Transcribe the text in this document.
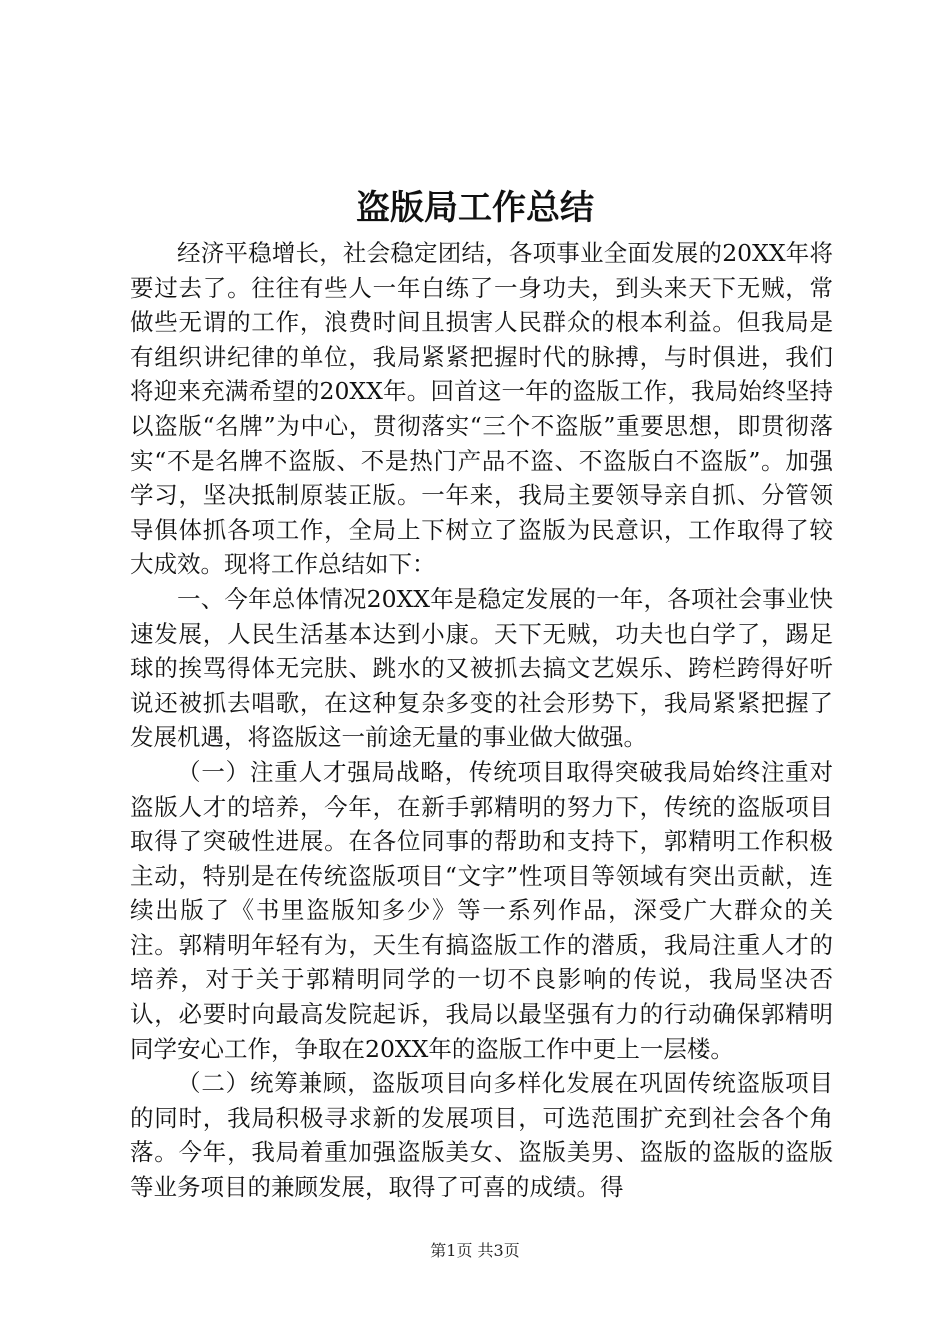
盗版局工作总结

经济平稳增长，社会稳定团结，各项事业全面发展的20XX年将要过去了。往往有些人一年白练了一身功夫，到头来天下无贼，常做些无谓的工作，浪费时间且损害人民群众的根本利益。但我局是有组织讲纪律的单位，我局紧紧把握时代的脉搏，与时俱进，我们将迎来充满希望的20XX年。回首这一年的盗版工作，我局始终坚持以盗版“名牌”为中心，贯彻落实“三个不盗版”重要思想，即贯彻落实“不是名牌不盗版、不是热门产品不盗、不盗版白不盗版”。加强学习，坚决抵制原装正版。一年来，我局主要领导亲自抓、分管领导俱体抓各项工作，全局上下树立了盗版为民意识，工作取得了较大成效。现将工作总结如下：

一、今年总体情况20XX年是稳定发展的一年，各项社会事业快速发展，人民生活基本达到小康。天下无贼，功夫也白学了，踢足球的挨骂得体无完肤、跳水的又被抓去搞文艺娱乐、跨栏跨得好听说还被抓去唱歌，在这种复杂多变的社会形势下，我局紧紧把握了发展机遇，将盗版这一前途无量的事业做大做强。

（一）注重人才强局战略，传统项目取得突破我局始终注重对盗版人才的培养，今年，在新手郭精明的努力下，传统的盗版项目取得了突破性进展。在各位同事的帮助和支持下，郭精明工作积极主动，特别是在传统盗版项目“文字”性项目等领域有突出贡献，连续出版了《书里盗版知多少》等一系列作品，深受广大群众的关注。郭精明年轻有为，天生有搞盗版工作的潜质，我局注重人才的培养，对于关于郭精明同学的一切不良影响的传说，我局坚决否认，必要时向最高发院起诉，我局以最坚强有力的行动确保郭精明同学安心工作，争取在20XX年的盗版工作中更上一层楼。

（二）统筹兼顾，盗版项目向多样化发展在巩固传统盗版项目的同时，我局积极寻求新的发展项目，可选范围扩充到社会各个角落。今年，我局着重加强盗版美女、盗版美男、盗版的盗版的盗版等业务项目的兼顾发展，取得了可喜的成绩。得

第1页 共3页
